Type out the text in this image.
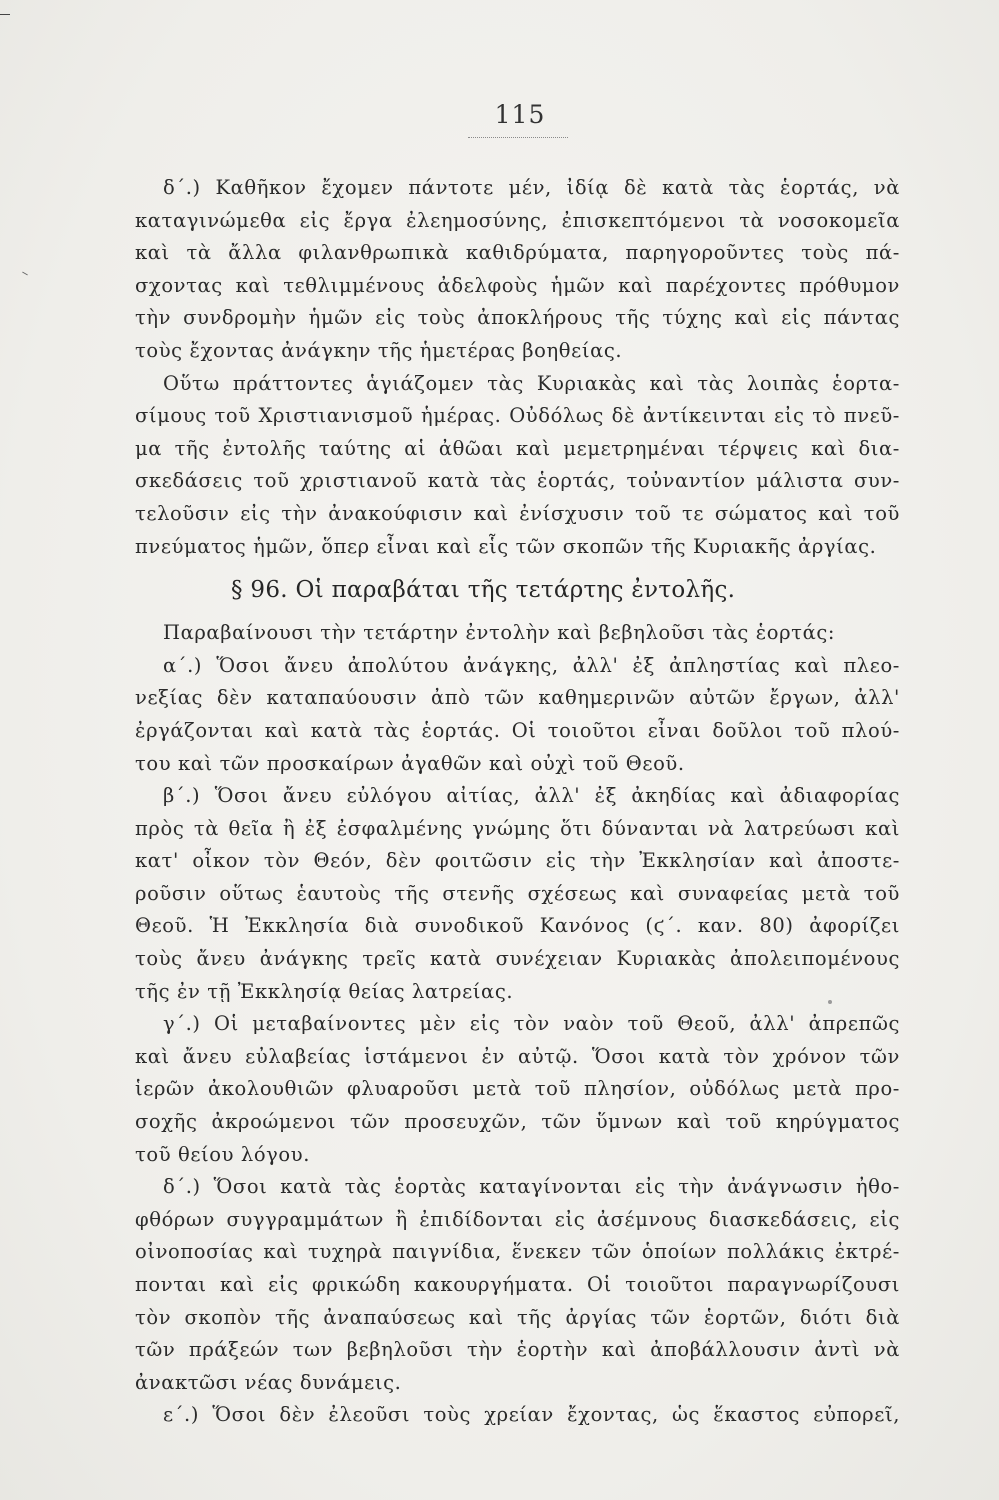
115
δ΄.) Καθῆκον ἔχομεν πάντοτε μέν, ἰδίᾳ δὲ κατὰ τὰς ἑορτάς, νὰ
καταγινώμεθα εἰς ἔργα ἐλεημοσύνης, ἐπισκεπτόμενοι τὰ νοσοκομεῖα
καὶ τὰ ἄλλα φιλανθρωπικὰ καθιδρύματα, παρηγοροῦντες τοὺς πά-
σχοντας καὶ τεθλιμμένους ἀδελφοὺς ἡμῶν καὶ παρέχοντες πρόθυμον
τὴν συνδρομὴν ἡμῶν εἰς τοὺς ἀποκλήρους τῆς τύχης καὶ εἰς πάντας
τοὺς ἔχοντας ἀνάγκην τῆς ἡμετέρας βοηθείας.
Οὕτω πράττοντες ἁγιάζομεν τὰς Κυριακὰς καὶ τὰς λοιπὰς ἑορτα-
σίμους τοῦ Χριστιανισμοῦ ἡμέρας. Οὐδόλως δὲ ἀντίκεινται εἰς τὸ πνεῦ-
μα τῆς ἐντολῆς ταύτης αἱ ἀθῶαι καὶ μεμετρημέναι τέρψεις καὶ δια-
σκεδάσεις τοῦ χριστιανοῦ κατὰ τὰς ἑορτάς, τοὐναντίον μάλιστα συν-
τελοῦσιν εἰς τὴν ἀνακούφισιν καὶ ἐνίσχυσιν τοῦ τε σώματος καὶ τοῦ
πνεύματος ἡμῶν, ὅπερ εἶναι καὶ εἷς τῶν σκοπῶν τῆς Κυριακῆς ἀργίας.
§ 96. Οἱ παραβάται τῆς τετάρτης ἐντολῆς.
Παραβαίνουσι τὴν τετάρτην ἐντολὴν καὶ βεβηλοῦσι τὰς ἑορτάς:
α΄.) Ὅσοι ἄνευ ἀπολύτου ἀνάγκης, ἀλλ' ἐξ ἀπληστίας καὶ πλεο-
νεξίας δὲν καταπαύουσιν ἀπὸ τῶν καθημερινῶν αὐτῶν ἔργων, ἀλλ'
ἐργάζονται καὶ κατὰ τὰς ἑορτάς. Οἱ τοιοῦτοι εἶναι δοῦλοι τοῦ πλού-
του καὶ τῶν προσκαίρων ἀγαθῶν καὶ οὐχὶ τοῦ Θεοῦ.
β΄.) Ὅσοι ἄνευ εὐλόγου αἰτίας, ἀλλ' ἐξ ἀκηδίας καὶ ἀδιαφορίας
πρὸς τὰ θεῖα ἢ ἐξ ἐσφαλμένης γνώμης ὅτι δύνανται νὰ λατρεύωσι καὶ
κατ' οἶκον τὸν Θεόν, δὲν φοιτῶσιν εἰς τὴν Ἐκκλησίαν καὶ ἀποστε-
ροῦσιν οὕτως ἑαυτοὺς τῆς στενῆς σχέσεως καὶ συναφείας μετὰ τοῦ
Θεοῦ. Ἡ Ἐκκλησία διὰ συνοδικοῦ Κανόνος (ϛ΄. καν. 80) ἀφορίζει
τοὺς ἄνευ ἀνάγκης τρεῖς κατὰ συνέχειαν Κυριακὰς ἀπολειπομένους
τῆς ἐν τῇ Ἐκκλησίᾳ θείας λατρείας.
γ΄.) Οἱ μεταβαίνοντες μὲν εἰς τὸν ναὸν τοῦ Θεοῦ, ἀλλ' ἀπρεπῶς
καὶ ἄνευ εὐλαβείας ἱστάμενοι ἐν αὐτῷ. Ὅσοι κατὰ τὸν χρόνον τῶν
ἱερῶν ἀκολουθιῶν φλυαροῦσι μετὰ τοῦ πλησίον, οὐδόλως μετὰ προ-
σοχῆς ἀκροώμενοι τῶν προσευχῶν, τῶν ὕμνων καὶ τοῦ κηρύγματος
τοῦ θείου λόγου.
δ΄.) Ὅσοι κατὰ τὰς ἑορτὰς καταγίνονται εἰς τὴν ἀνάγνωσιν ἠθο-
φθόρων συγγραμμάτων ἢ ἐπιδίδονται εἰς ἀσέμνους διασκεδάσεις, εἰς
οἰνοποσίας καὶ τυχηρὰ παιγνίδια, ἕνεκεν τῶν ὁποίων πολλάκις ἐκτρέ-
πονται καὶ εἰς φρικώδη κακουργήματα. Οἱ τοιοῦτοι παραγνωρίζουσι
τὸν σκοπὸν τῆς ἀναπαύσεως καὶ τῆς ἀργίας τῶν ἑορτῶν, διότι διὰ
τῶν πράξεών των βεβηλοῦσι τὴν ἑορτὴν καὶ ἀποβάλλουσιν ἀντὶ νὰ
ἀνακτῶσι νέας δυνάμεις.
ε΄.) Ὅσοι δὲν ἐλεοῦσι τοὺς χρείαν ἔχοντας, ὡς ἕκαστος εὐπορεῖ,
